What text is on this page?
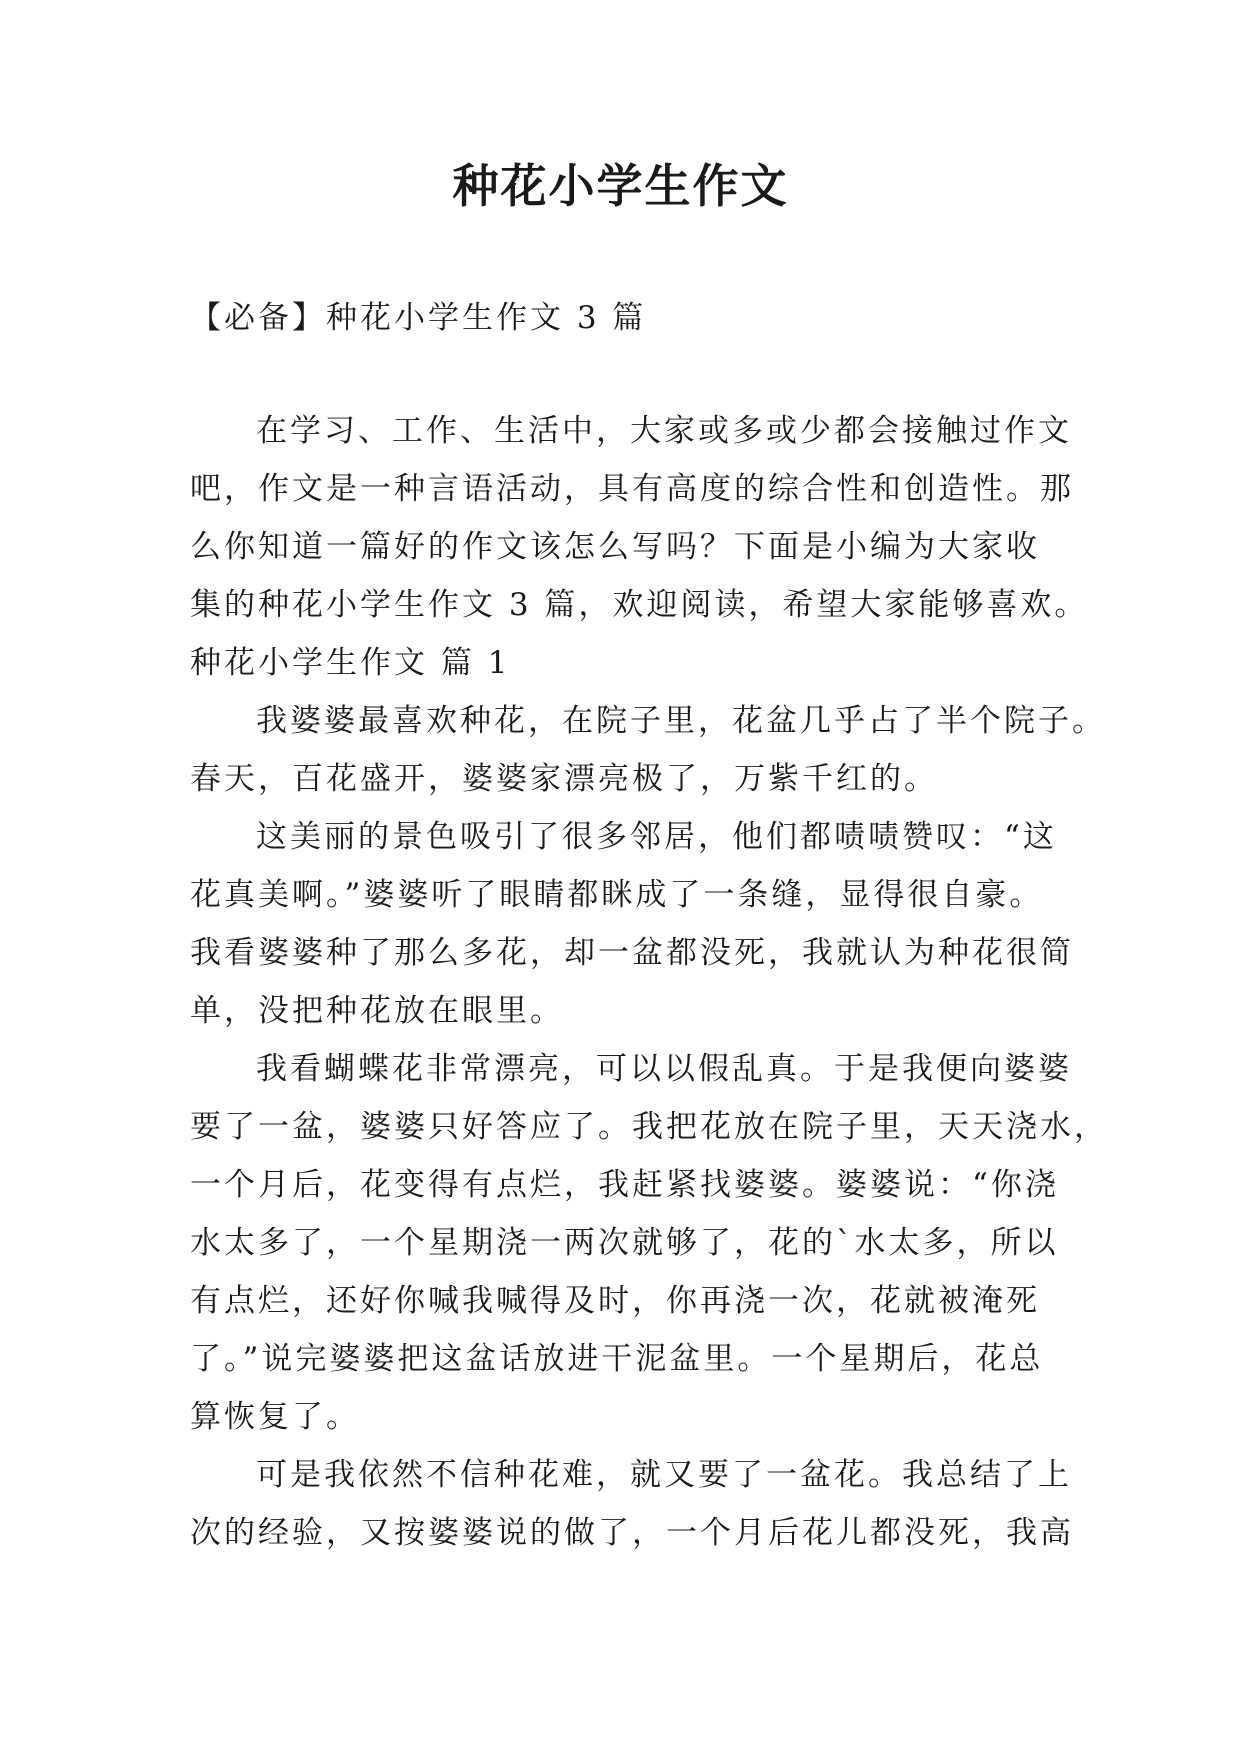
种花小学生作文
【必备】种花小学生作文 3 篇
在学习、工作、生活中，大家或多或少都会接触过作文
吧，作文是一种言语活动，具有高度的综合性和创造性。那
么你知道一篇好的作文该怎么写吗？下面是小编为大家收
集的种花小学生作文 3 篇，欢迎阅读，希望大家能够喜欢。
种花小学生作文 篇 1
我婆婆最喜欢种花，在院子里，花盆几乎占了半个院子。
春天，百花盛开，婆婆家漂亮极了，万紫千红的。
这美丽的景色吸引了很多邻居，他们都啧啧赞叹：“这
花真美啊。”婆婆听了眼睛都眯成了一条缝，显得很自豪。
我看婆婆种了那么多花，却一盆都没死，我就认为种花很简
单，没把种花放在眼里。
我看蝴蝶花非常漂亮，可以以假乱真。于是我便向婆婆
要了一盆，婆婆只好答应了。我把花放在院子里，天天浇水，
一个月后，花变得有点烂，我赶紧找婆婆。婆婆说：“你浇
水太多了，一个星期浇一两次就够了，花的`水太多，所以
有点烂，还好你喊我喊得及时，你再浇一次，花就被淹死
了。”说完婆婆把这盆话放进干泥盆里。一个星期后，花总
算恢复了。
可是我依然不信种花难，就又要了一盆花。我总结了上
次的经验，又按婆婆说的做了，一个月后花儿都没死，我高
